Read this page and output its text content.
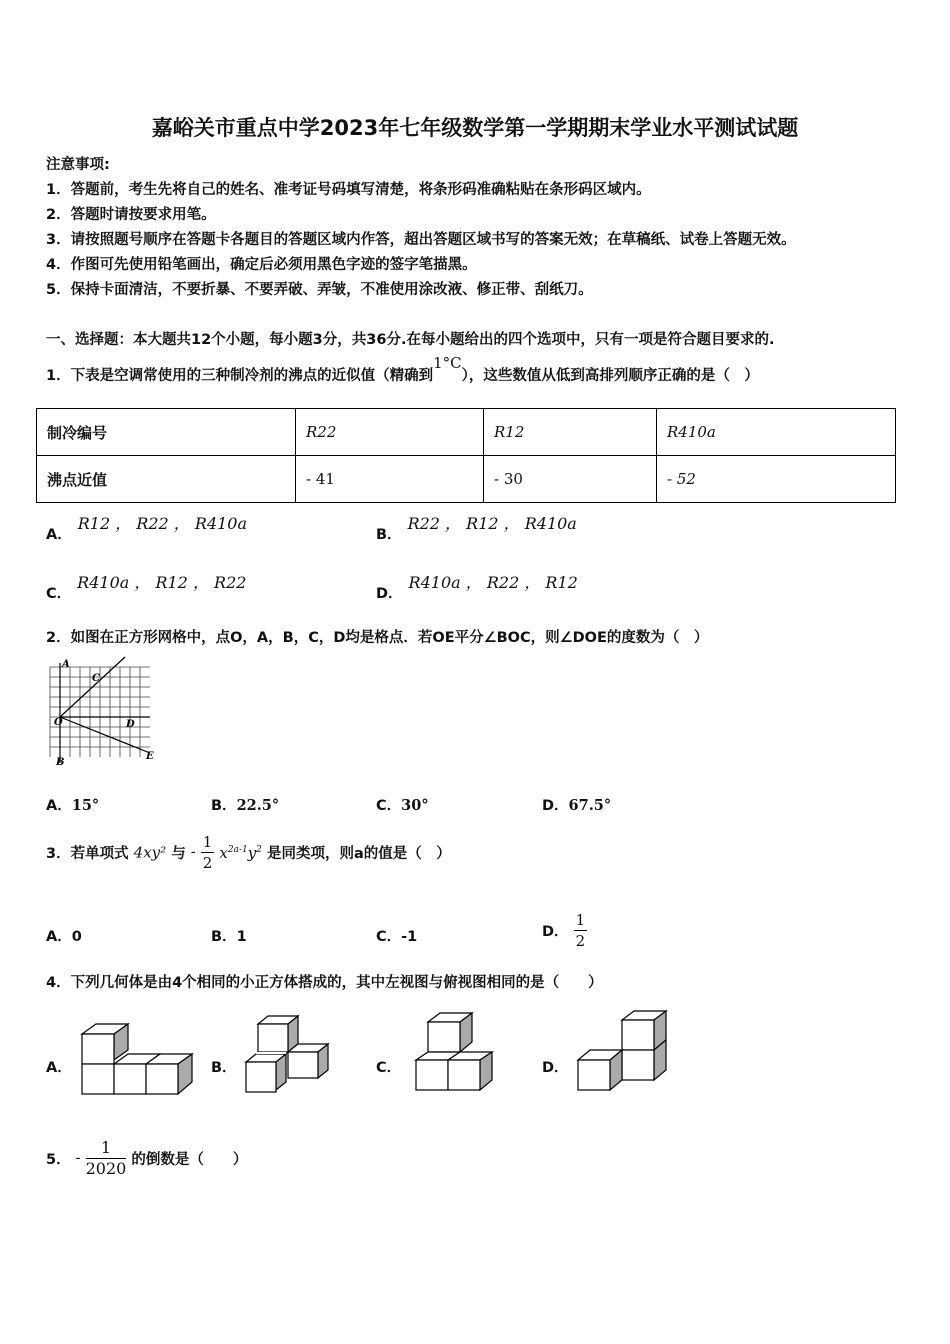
嘉峪关市重点中学2023年七年级数学第一学期期末学业水平测试试题
注意事项:
1．答题前，考生先将自己的姓名、准考证号码填写清楚，将条形码准确粘贴在条形码区域内。
2．答题时请按要求用笔。
3．请按照题号顺序在答题卡各题目的答题区域内作答，超出答题区域书写的答案无效；在草稿纸、试卷上答题无效。
4．作图可先使用铅笔画出，确定后必须用黑色字迹的签字笔描黑。
5．保持卡面清洁，不要折暴、不要弄破、弄皱，不准使用涂改液、修正带、刮纸刀。
一、选择题：本大题共12个小题，每小题3分，共36分.在每小题给出的四个选项中，只有一项是符合题目要求的.
1．下表是空调常使用的三种制冷剂的沸点的近似值（精确到1°C），这些数值从低到高排列顺序正确的是（　）
制冷编号	R22	R12	R410a
沸点近值	- 41	- 30	- 52
A．R12 ， R22 ， R410a
B．R22 ， R12 ， R410a
C．R410a ， R12 ， R22
D．R410a ， R22 ， R12
2．如图在正方形网格中，点O，A，B，C，D均是格点．若OE平分∠BOC，则∠DOE的度数为（　）
A
C
O	D
B
E
A．15°	B．22.5°	C．30°	D．67.5°
3．若单项式 4xy² 与 - $\frac{1}{2} x^{2a-1}y^2$ 是同类项，则a的值是（　）
A．0	B．1	C．-1	D． $\frac{1}{2}$
4．下列几何体是由4个相同的小正方体搭成的，其中左视图与俯视图相同的是（　　）
A．	B．	C．	D．
5． - $\frac{1}{2020}$ 的倒数是（　　）
